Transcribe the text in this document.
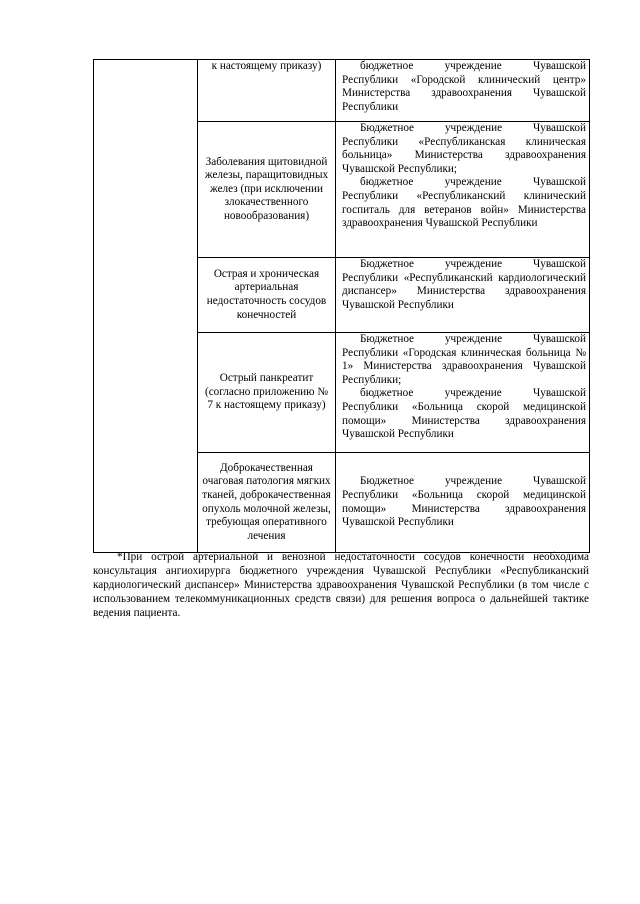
	к настоящему приказу)	бюджетное учреждение Чувашской Республики «Городской клинический центр» Министерства здравоохранения Чувашской Республики

	Заболевания щитовидной железы, паращитовидных желез (при исключении злокачественного новообразования)	Бюджетное учреждение Чувашской Республики «Республиканская клиническая больница» Министерства здравоохранения Чувашской Республики;
бюджетное учреждение Чувашской Республики «Республиканский клинический госпиталь для ветеранов войн» Министерства здравоохранения Чувашской Республики

	Острая и хроническая артериальная недостаточность сосудов конечностей	Бюджетное учреждение Чувашской Республики «Республиканский кардиологический диспансер» Министерства здравоохранения Чувашской Республики

	Острый панкреатит (согласно приложению № 7 к настоящему приказу)	Бюджетное учреждение Чувашской Республики «Городская клиническая больница № 1» Министерства здравоохранения Чувашской Республики;
бюджетное учреждение Чувашской Республики «Больница скорой медицинской помощи» Министерства здравоохранения Чувашской Республики

	Доброкачественная очаговая патология мягких тканей, доброкачественная опухоль молочной железы, требующая оперативного лечения	Бюджетное учреждение Чувашской Республики «Больница скорой медицинской помощи» Министерства здравоохранения Чувашской Республики

*При острой артериальной и венозной недостаточности сосудов конечности необходима консультация ангиохирурга бюджетного учреждения Чувашской Республики «Республиканский кардиологический диспансер» Министерства здравоохранения Чувашской Республики (в том числе с использованием телекоммуникационных средств связи) для решения вопроса о дальнейшей тактике ведения пациента.
